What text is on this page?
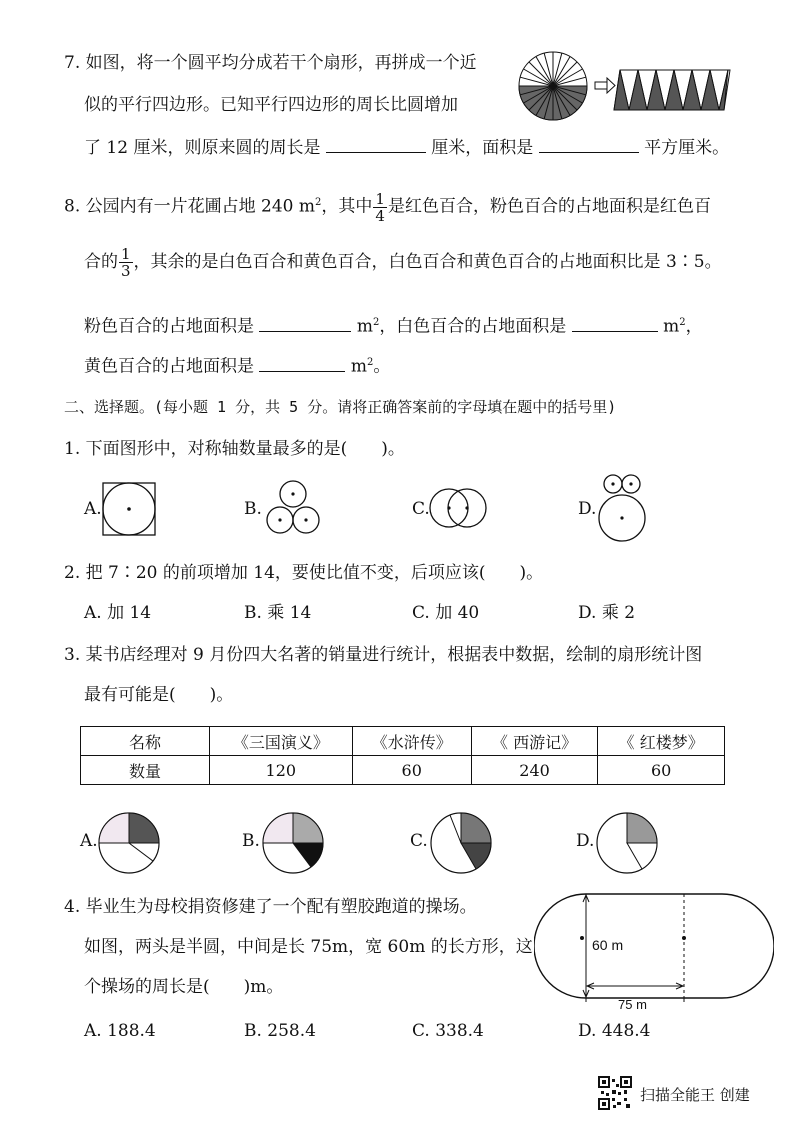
7. 如图，将一个圆平均分成若干个扇形，再拼成一个近
似的平行四边形。已知平行四边形的周长比圆增加
了 12 厘米，则原来圆的周长是	厘米，面积是	平方厘米。
8. 公园内有一片花圃占地 240 $m^2$，其中 $\frac{1}{4}$ 是红色百合，粉色百合的占地面积是红色百
合的 $\frac{1}{3}$ ，其余的是白色百合和黄色百合，白色百合和黄色百合的占地面积比是 3∶5。
粉色百合的占地面积是	$m^2$，白色百合的占地面积是	$m^2$，
黄色百合的占地面积是	$m^2$。
二、选择题。(每小题 1 分，共 5 分。请将正确答案前的字母填在题中的括号里)
1. 下面图形中，对称轴数量最多的是(　　)。
A.	B.	C.	D.
2. 把 7∶20 的前项增加 14，要使比值不变，后项应该(　　)。
A. 加 14	B. 乘 14	C. 加 40	D. 乘 2
3. 某书店经理对 9 月份四大名著的销量进行统计，根据表中数据，绘制的扇形统计图
最有可能是(　　)。
名称	《三国演义》	《水浒传》	《 西游记》	《 红楼梦》
数量	120	60	240	60
A.	B.	C.	D.
4. 毕业生为母校捐资修建了一个配有塑胶跑道的操场。
如图，两头是半圆，中间是长 75m，宽 60m 的长方形，这
个操场的周长是(　　)m。
60 m
75 m
A. 188.4	B. 258.4	C. 338.4	D. 448.4
扫描全能王 创建
